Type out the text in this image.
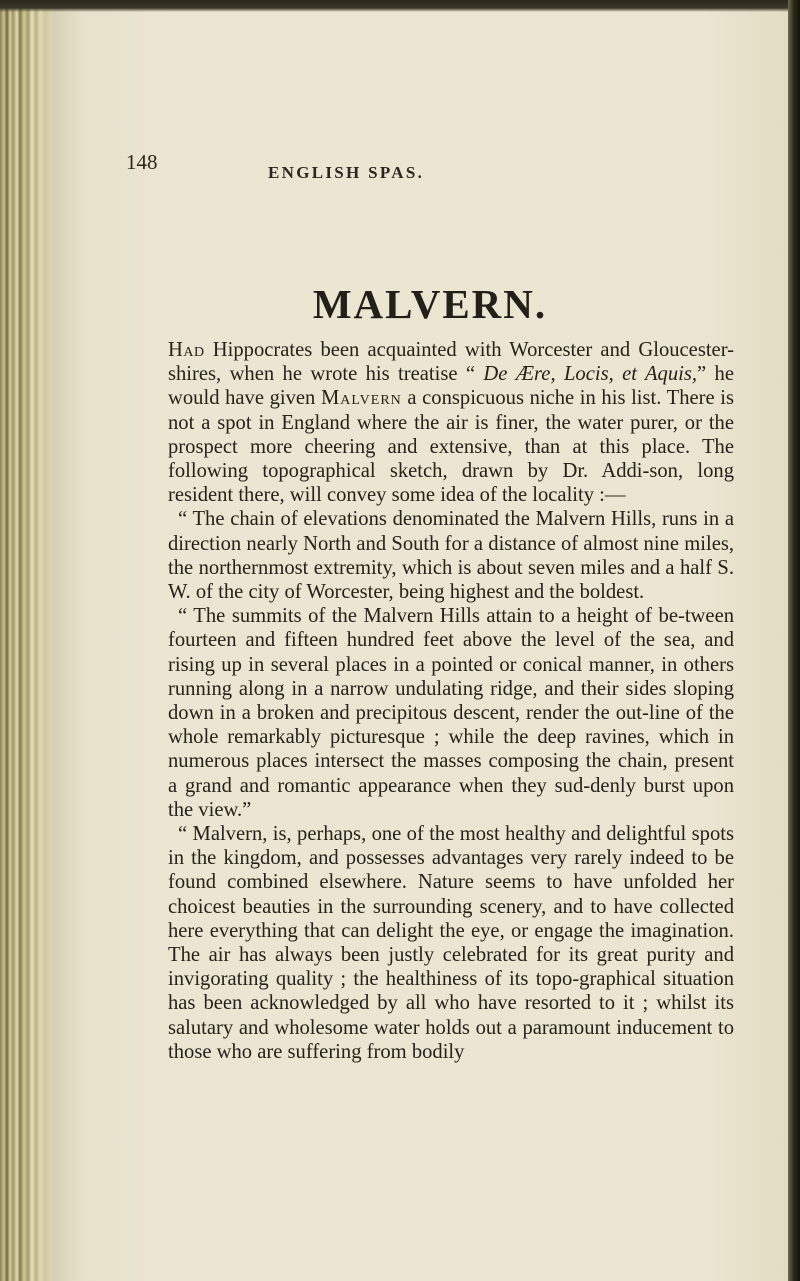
148	ENGLISH SPAS.
MALVERN.

Had Hippocrates been acquainted with Worcester and Gloucester-shires, when he wrote his treatise “ De Ære, Locis, et Aquis,” he would have given Malvern a conspicuous niche in his list. There is not a spot in England where the air is finer, the water purer, or the prospect more cheering and extensive, than at this place. The following topographical sketch, drawn by Dr. Addi-son, long resident there, will convey some idea of the locality :—

“ The chain of elevations denominated the Malvern Hills, runs in a direction nearly North and South for a distance of almost nine miles, the northernmost extremity, which is about seven miles and a half S. W. of the city of Worcester, being highest and the boldest.

“ The summits of the Malvern Hills attain to a height of be-tween fourteen and fifteen hundred feet above the level of the sea, and rising up in several places in a pointed or conical manner, in others running along in a narrow undulating ridge, and their sides sloping down in a broken and precipitous descent, render the out-line of the whole remarkably picturesque ; while the deep ravines, which in numerous places intersect the masses composing the chain, present a grand and romantic appearance when they sud-denly burst upon the view.”

“ Malvern, is, perhaps, one of the most healthy and delightful spots in the kingdom, and possesses advantages very rarely indeed to be found combined elsewhere. Nature seems to have unfolded her choicest beauties in the surrounding scenery, and to have collected here everything that can delight the eye, or engage the imagination. The air has always been justly celebrated for its great purity and invigorating quality ; the healthiness of its topo-graphical situation has been acknowledged by all who have resorted to it ; whilst its salutary and wholesome water holds out a paramount inducement to those who are suffering from bodily
